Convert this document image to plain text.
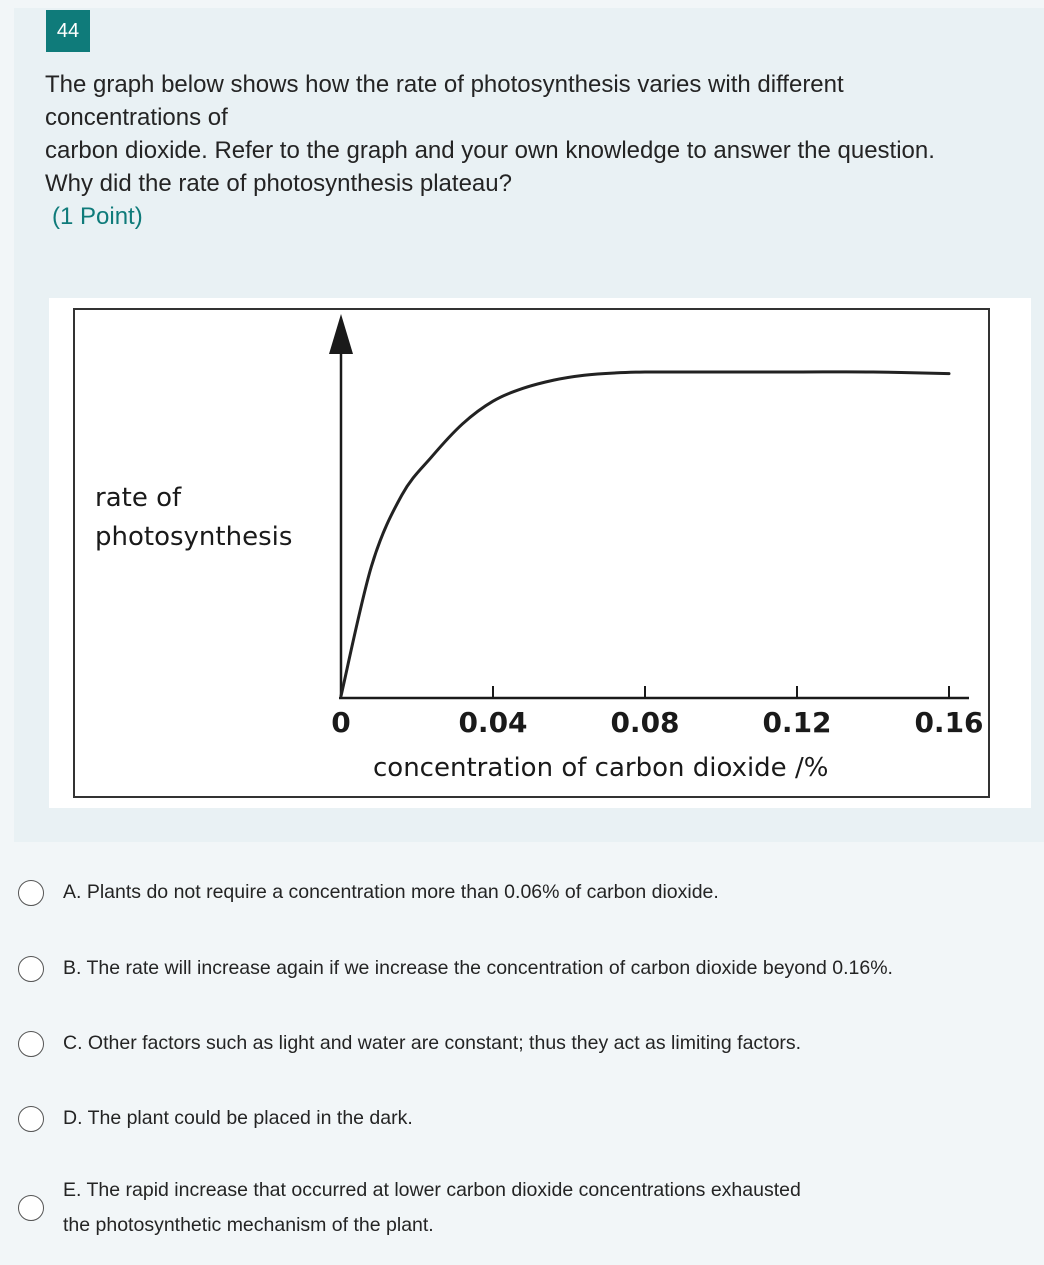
44
The graph below shows how the rate of photosynthesis varies with different
concentrations of
carbon dioxide. Refer to the graph and your own knowledge to answer the question.
Why did the rate of photosynthesis plateau?
(1 Point)
0	0.04	0.08	0.12	0.16
rate of
photosynthesis
concentration of carbon dioxide /%
A. Plants do not require a concentration more than 0.06% of carbon dioxide.
B. The rate will increase again if we increase the concentration of carbon dioxide beyond 0.16%.
C. Other factors such as light and water are constant; thus they act as limiting factors.
D. The plant could be placed in the dark.
E. The rapid increase that occurred at lower carbon dioxide concentrations exhausted
the photosynthetic mechanism of the plant.
